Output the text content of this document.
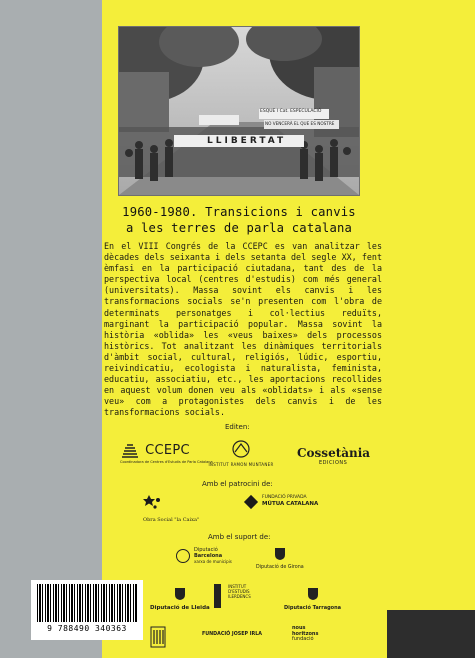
ESQUE I Cat. ESPECULACIÓ
NO VENCERÀ EL QUE ES NOSTRE
LLIBERTAT
1960-1980. Transicions i canvis
a les terres de parla catalana
En el VIII Congrés de la CCEPC es van analitzar les dècades dels seixanta i dels setanta del segle XX, fent èmfasi en la participació ciutadana, tant des de la perspectiva local (centres d'estudis) com més general (universitats). Massa sovint els canvis i les transformacions socials se'n presenten com l'obra de determinats personatges i col·lectius reduïts, marginant la participació popular. Massa sovint la història «oblida» les «veus baixes» dels processos històrics. Tot analitzant les dinàmiques territorials d'àmbit social, cultural, religiós, lúdic, esportiu, reivindicatiu, ecologista i naturalista, feminista, educatiu, associatiu, etc., les aportacions recollides en aquest volum donen veu als «oblidats» i als «sense veu» com a protagonistes dels canvis i de les transformacions socials.
Editen:
CCEPC
Coordinadora de Centres d'Estudis de Parla Catalana
INSTITUT RAMON MUNTANER
Cossetània
EDICIONS
Amb el patrocini de:
Obra Social "la Caixa"
FUNDACIÓ PRIVADA
MÚTUA CATALANA
Amb el suport de:
Diputació
Barcelona
xarxa de municipis
Diputació de Girona
Diputació de Lleida
INSTITUT D'ESTUDIS ILERDENCS
Diputació Tarragona
FUNDACIÓ JOSEP IRLA
nous
horitzons
fundació
9 788490 340363
